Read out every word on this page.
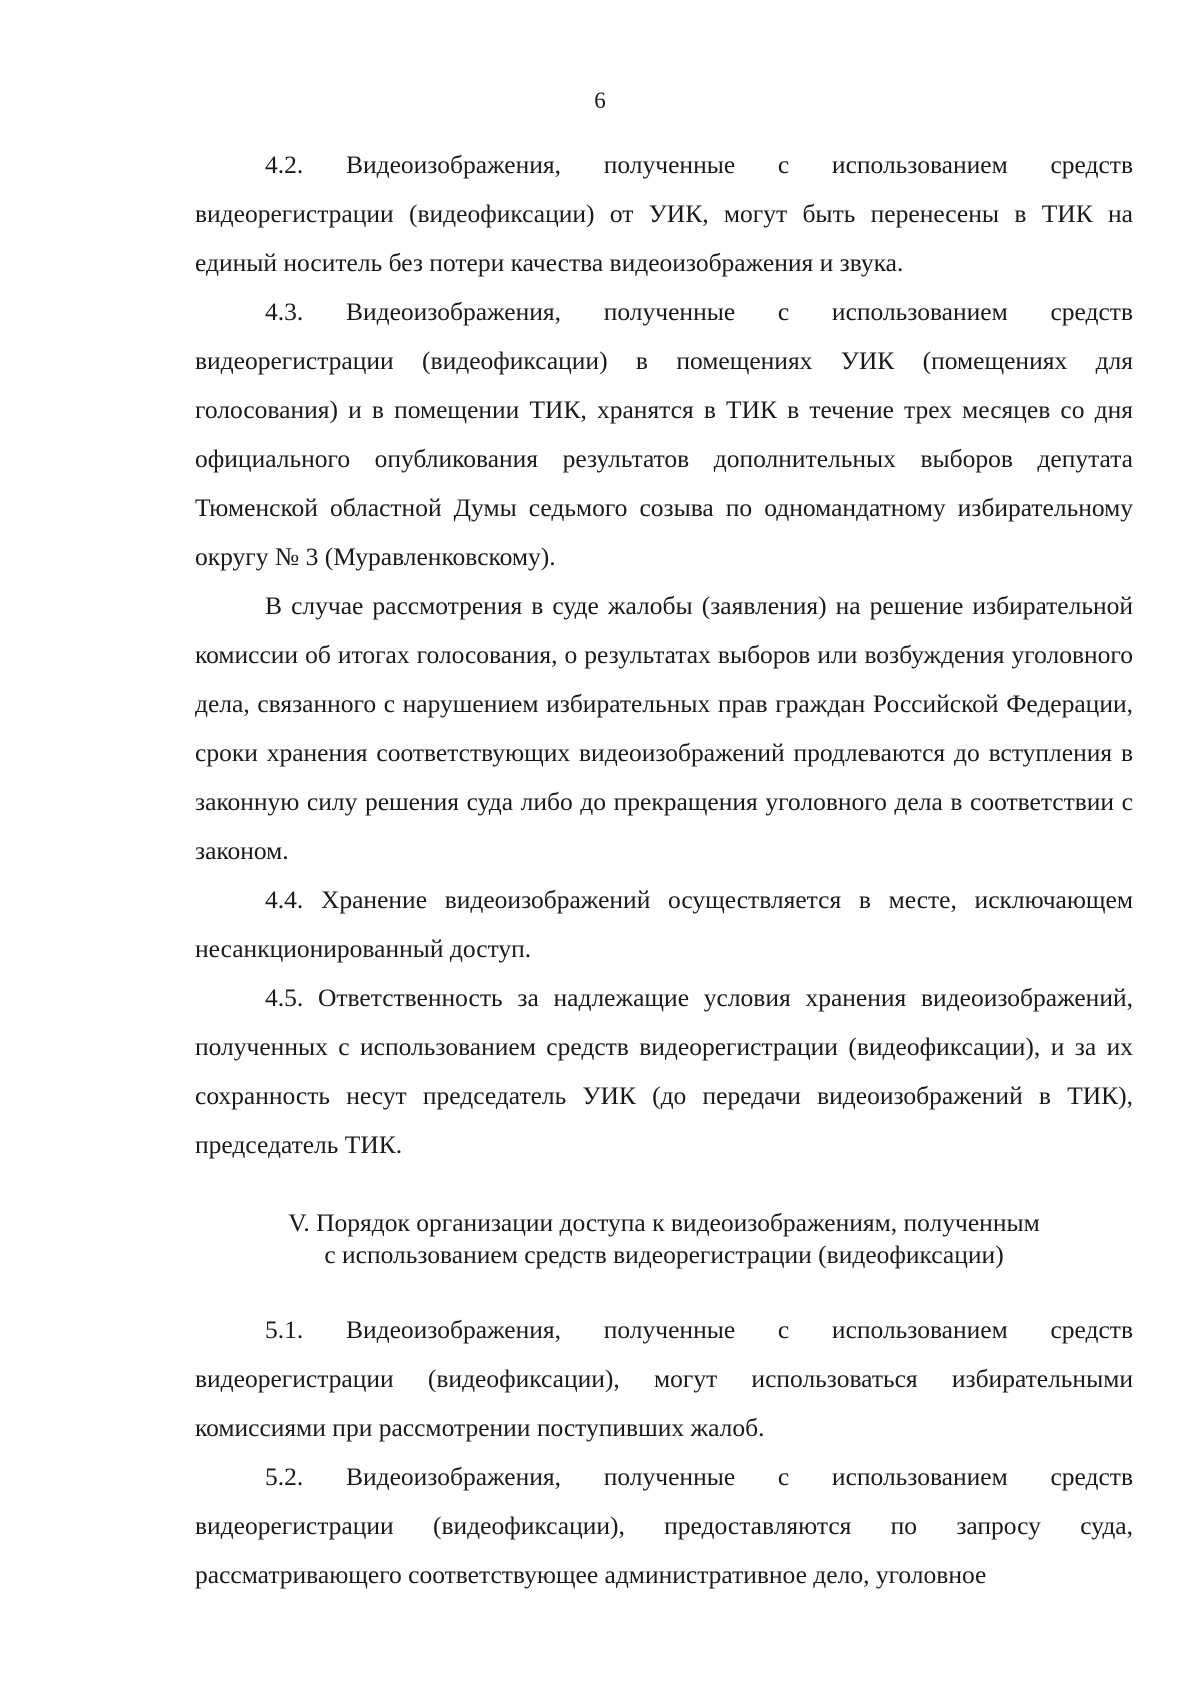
6

4.2. Видеоизображения, полученные с использованием средств видеорегистрации (видеофиксации) от УИК, могут быть перенесены в ТИК на единый носитель без потери качества видеоизображения и звука.

4.3. Видеоизображения, полученные с использованием средств видеорегистрации (видеофиксации) в помещениях УИК (помещениях для голосования) и в помещении ТИК, хранятся в ТИК в течение трех месяцев со дня официального опубликования результатов дополнительных выборов депутата Тюменской областной Думы седьмого созыва по одномандатному избирательному округу № 3 (Муравленковскому).

В случае рассмотрения в суде жалобы (заявления) на решение избирательной комиссии об итогах голосования, о результатах выборов или возбуждения уголовного дела, связанного с нарушением избирательных прав граждан Российской Федерации, сроки хранения соответствующих видеоизображений продлеваются до вступления в законную силу решения суда либо до прекращения уголовного дела в соответствии с законом.

4.4. Хранение видеоизображений осуществляется в месте, исключающем несанкционированный доступ.

4.5. Ответственность за надлежащие условия хранения видеоизображений, полученных с использованием средств видеорегистрации (видеофиксации), и за их сохранность несут председатель УИК (до передачи видеоизображений в ТИК), председатель ТИК.

V. Порядок организации доступа к видеоизображениям, полученным
с использованием средств видеорегистрации (видеофиксации)

5.1. Видеоизображения, полученные с использованием средств видеорегистрации (видеофиксации), могут использоваться избирательными комиссиями при рассмотрении поступивших жалоб.

5.2. Видеоизображения, полученные с использованием средств видеорегистрации (видеофиксации), предоставляются по запросу суда, рассматривающего соответствующее административное дело, уголовное
